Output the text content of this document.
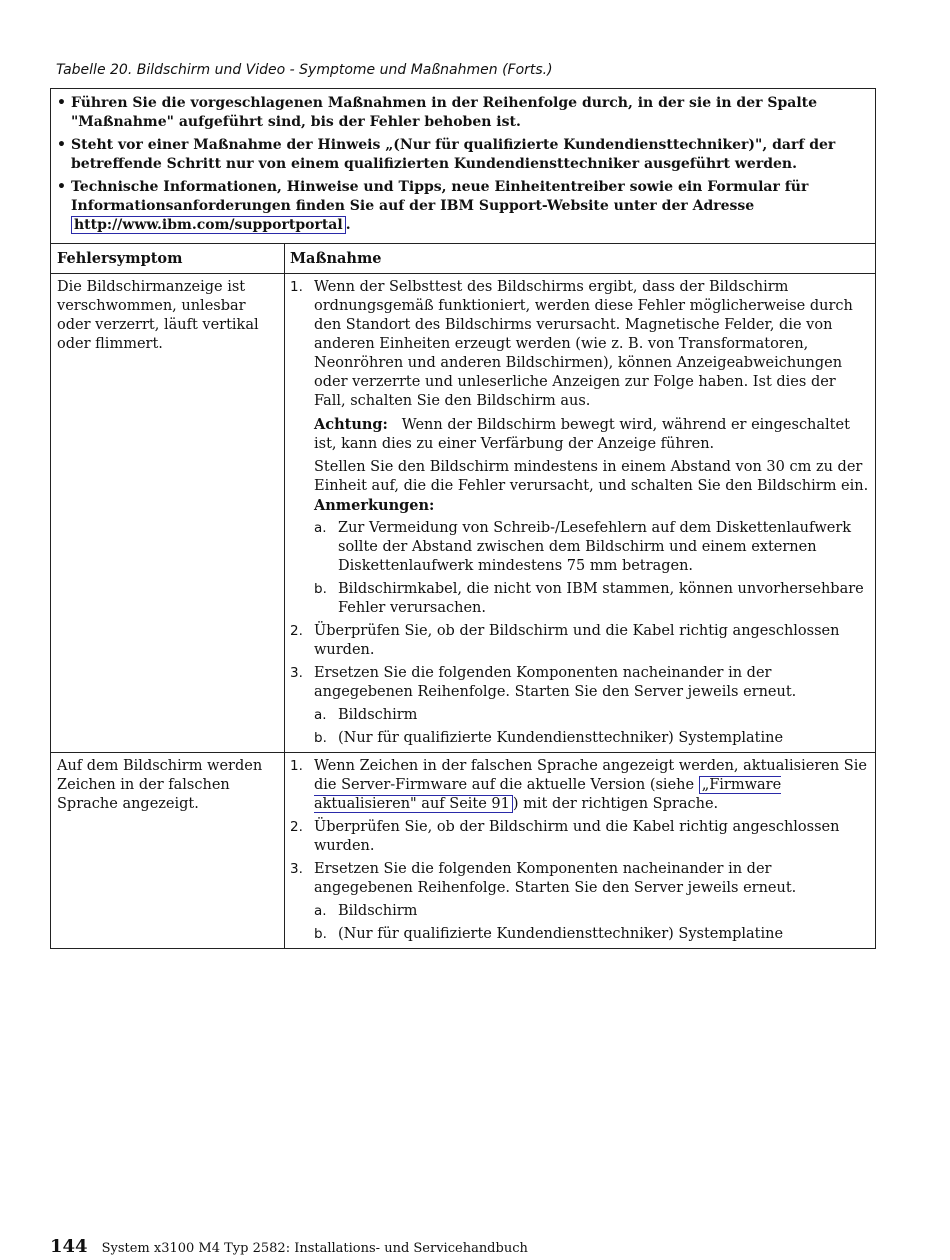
Tabelle 20. Bildschirm und Video - Symptome und Maßnahmen (Forts.)
• Führen Sie die vorgeschlagenen Maßnahmen in der Reihenfolge durch, in der sie in der Spalte "Maßnahme" aufgeführt sind, bis der Fehler behoben ist.
• Steht vor einer Maßnahme der Hinweis „(Nur für qualifizierte Kundendiensttechniker)", darf der betreffende Schritt nur von einem qualifizierten Kundendiensttechniker ausgeführt werden.
• Technische Informationen, Hinweise und Tipps, neue Einheitentreiber sowie ein Formular für Informationsanforderungen finden Sie auf der IBM Support-Website unter der Adresse http://www.ibm.com/supportportal .
Fehlersymptom	Maßnahme
Die Bildschirmanzeige ist verschwommen, unlesbar oder verzerrt, läuft vertikal oder flimmert.
1. Wenn der Selbsttest des Bildschirms ergibt, dass der Bildschirm ordnungsgemäß funktioniert, werden diese Fehler möglicherweise durch den Standort des Bildschirms verursacht. Magnetische Felder, die von anderen Einheiten erzeugt werden (wie z. B. von Transformatoren, Neonröhren und anderen Bildschirmen), können Anzeigeabweichungen oder verzerrte und unleserliche Anzeigen zur Folge haben. Ist dies der Fall, schalten Sie den Bildschirm aus.

Achtung: Wenn der Bildschirm bewegt wird, während er eingeschaltet ist, kann dies zu einer Verfärbung der Anzeige führen.

Stellen Sie den Bildschirm mindestens in einem Abstand von 30 cm zu der Einheit auf, die die Fehler verursacht, und schalten Sie den Bildschirm ein.

Anmerkungen:

a. Zur Vermeidung von Schreib-/Lesefehlern auf dem Diskettenlaufwerk sollte der Abstand zwischen dem Bildschirm und einem externen Diskettenlaufwerk mindestens 75 mm betragen.
b. Bildschirmkabel, die nicht von IBM stammen, können unvorhersehbare Fehler verursachen.
2. Überprüfen Sie, ob der Bildschirm und die Kabel richtig angeschlossen wurden.
3. Ersetzen Sie die folgenden Komponenten nacheinander in der angegebenen Reihenfolge. Starten Sie den Server jeweils erneut.

a. Bildschirm
b. (Nur für qualifizierte Kundendiensttechniker) Systemplatine
Auf dem Bildschirm werden Zeichen in der falschen Sprache angezeigt.
1. Wenn Zeichen in der falschen Sprache angezeigt werden, aktualisieren Sie die Server-Firmware auf die aktuelle Version (siehe „Firmware aktualisieren" auf Seite 91 ) mit der richtigen Sprache.
2. Überprüfen Sie, ob der Bildschirm und die Kabel richtig angeschlossen wurden.
3. Ersetzen Sie die folgenden Komponenten nacheinander in der angegebenen Reihenfolge. Starten Sie den Server jeweils erneut.

a. Bildschirm
b. (Nur für qualifizierte Kundendiensttechniker) Systemplatine
144 System x3100 M4 Typ 2582: Installations- und Servicehandbuch
